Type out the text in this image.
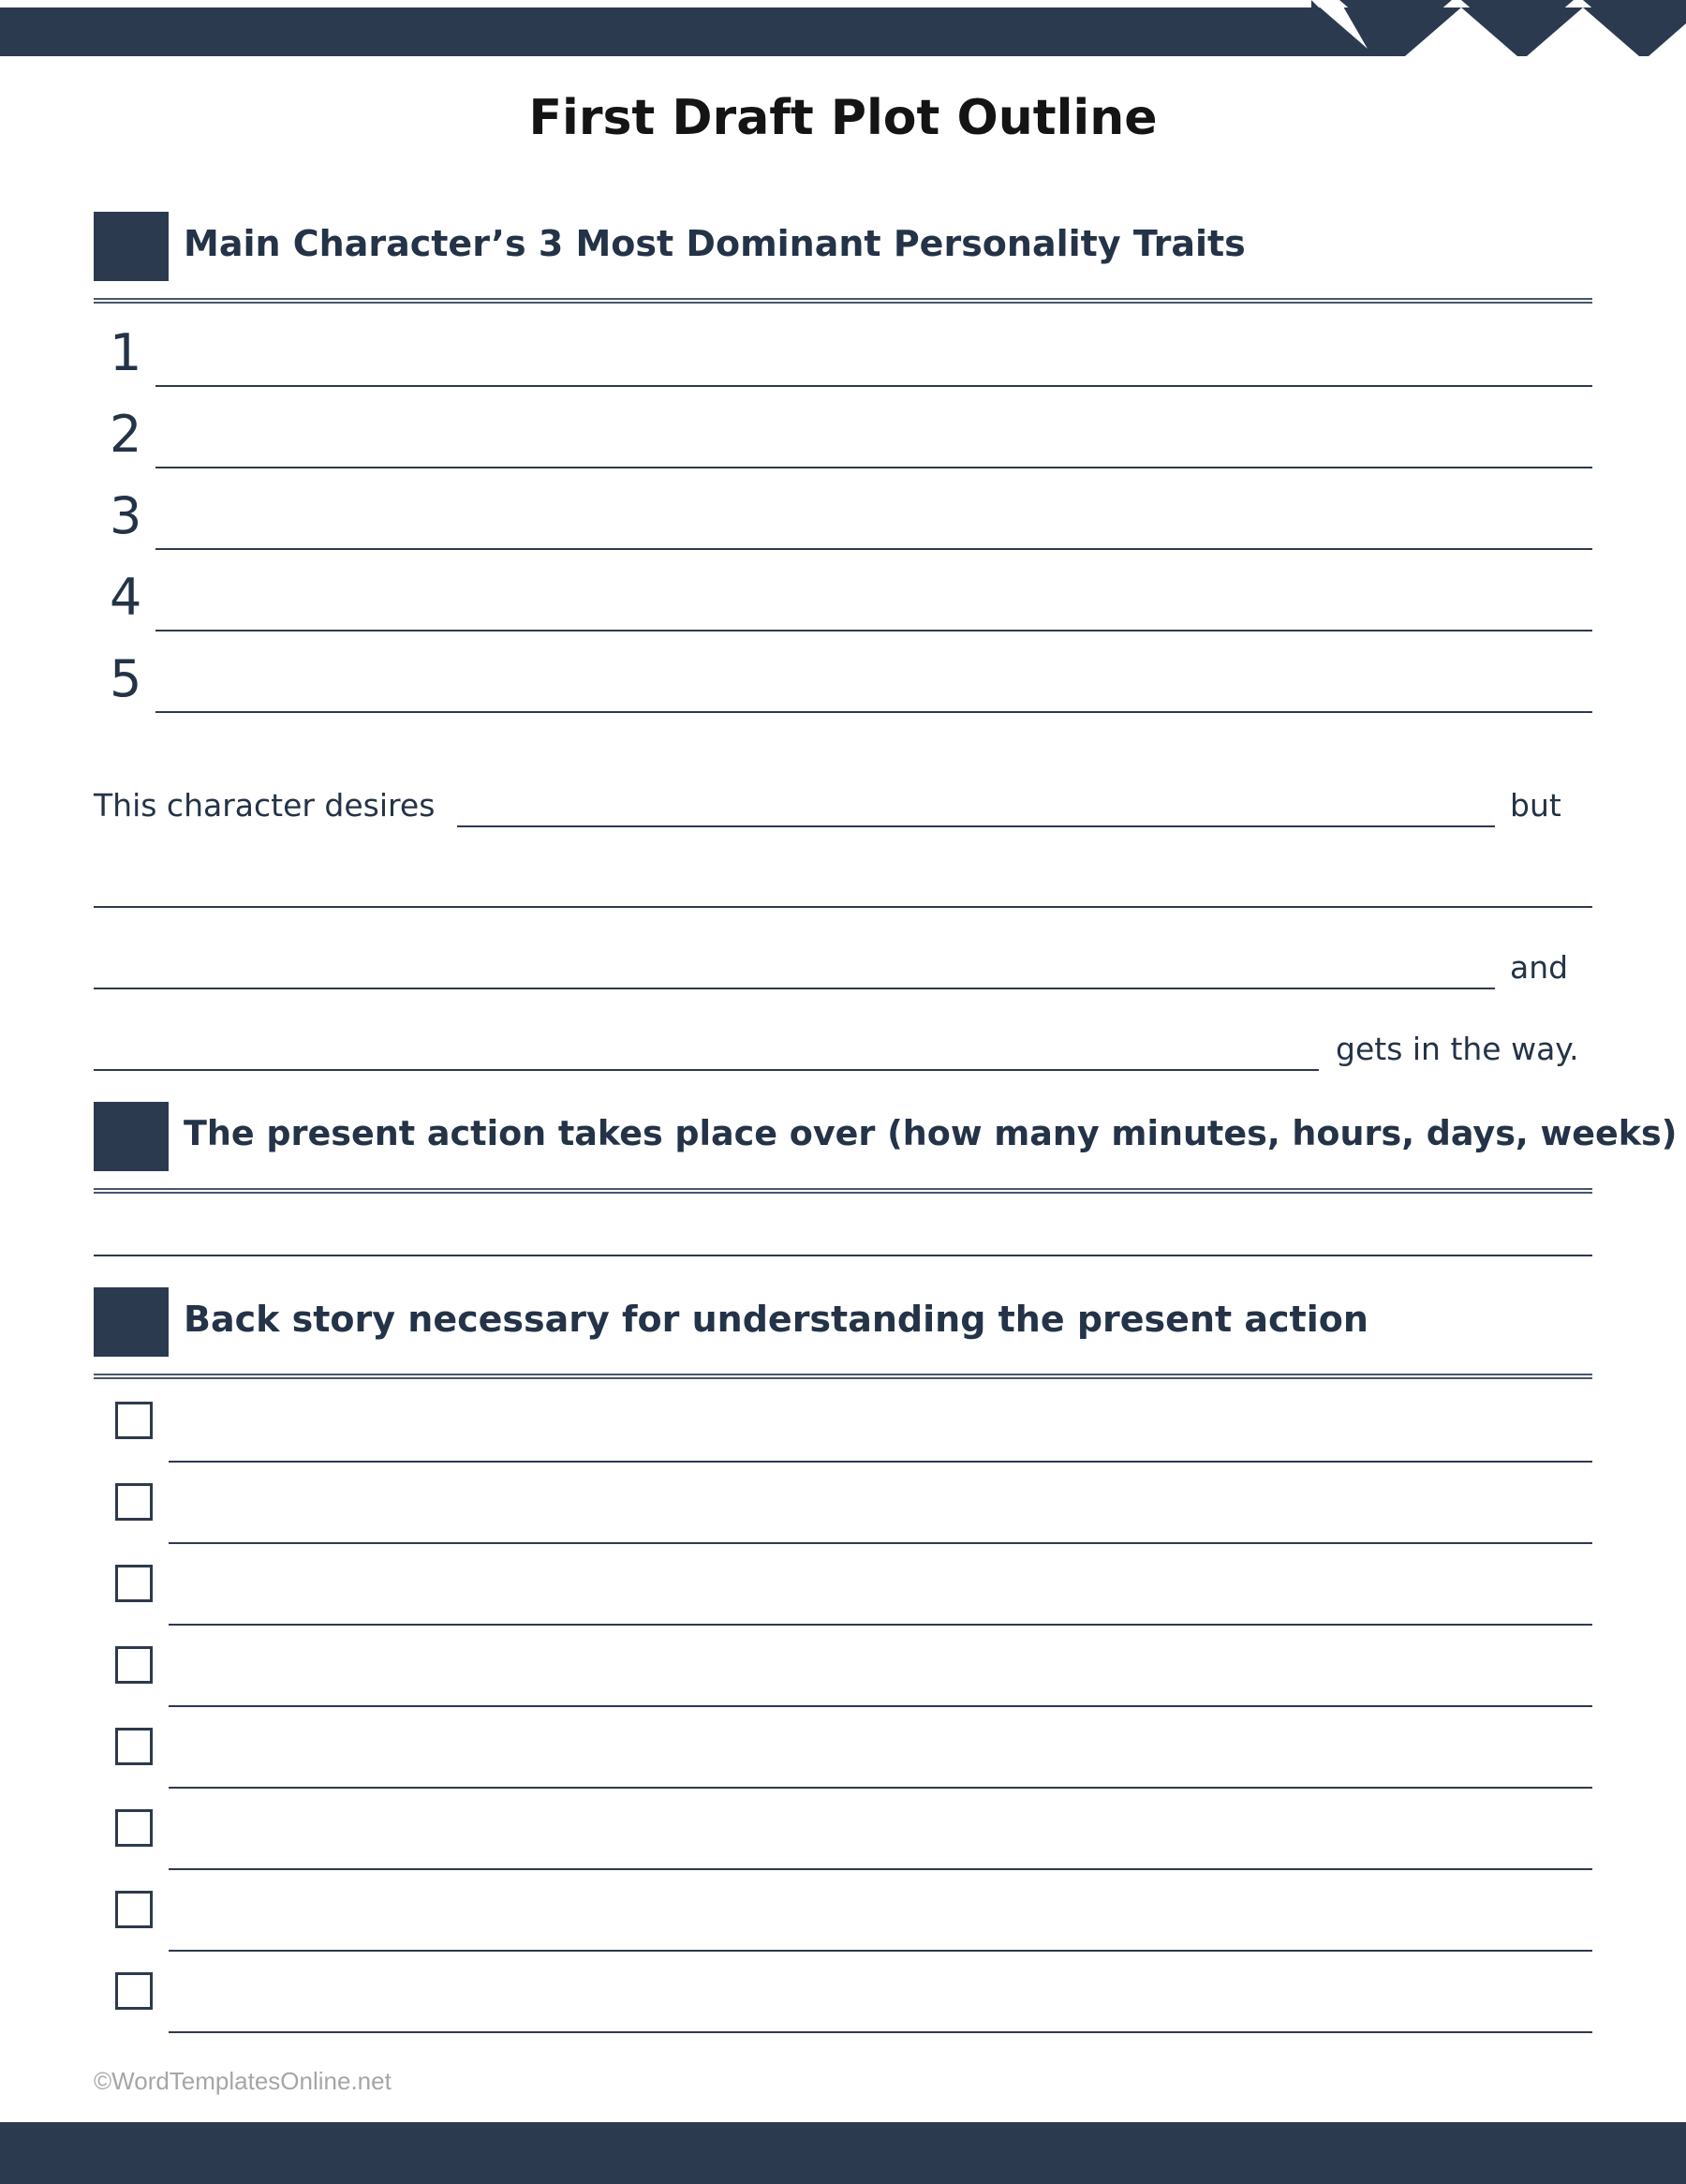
First Draft Plot Outline
Main Character’s 3 Most Dominant Personality Traits
1
2
3
4
5
This character desires	but
and
gets in the way.
The present action takes place over (how many minutes, hours, days, weeks)
Back story necessary for understanding the present action
©WordTemplatesOnline.net
